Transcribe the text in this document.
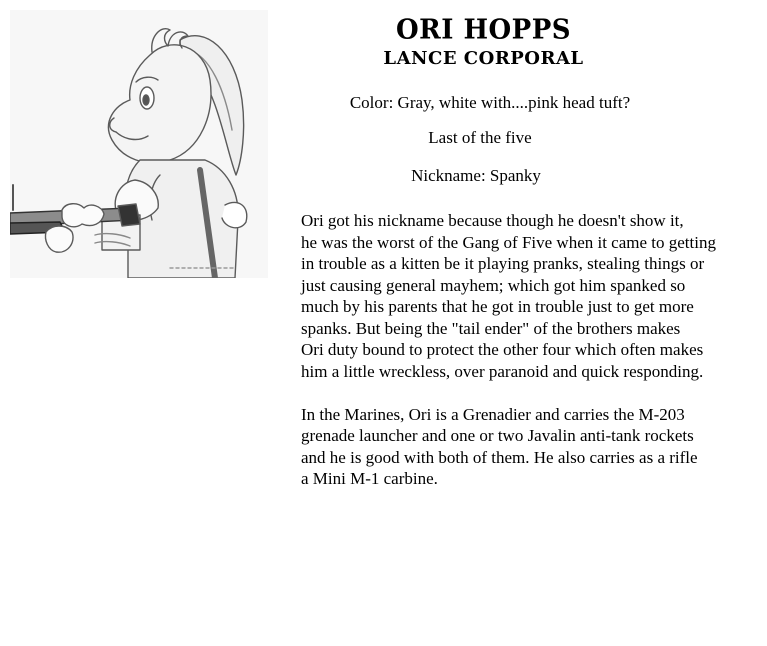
ORI HOPPS
LANCE CORPORAL

Color: Gray, white with....pink head tuft?

Last of the five

Nickname: Spanky

Ori got his nickname because though he doesn't show it,
he was the worst of the Gang of Five when it came to getting
in trouble as a kitten be it playing pranks, stealing things or
just causing general mayhem; which got him spanked so
much by his parents that he got in trouble just to get more
spanks. But being the "tail ender" of the brothers makes
Ori duty bound to protect the other four which often makes
him a little wreckless, over paranoid and quick responding.

In the Marines, Ori is a Grenadier and carries the M-203
grenade launcher and one or two Javalin anti-tank rockets
and he is good with both of them. He also carries as a rifle
a Mini M-1 carbine.
